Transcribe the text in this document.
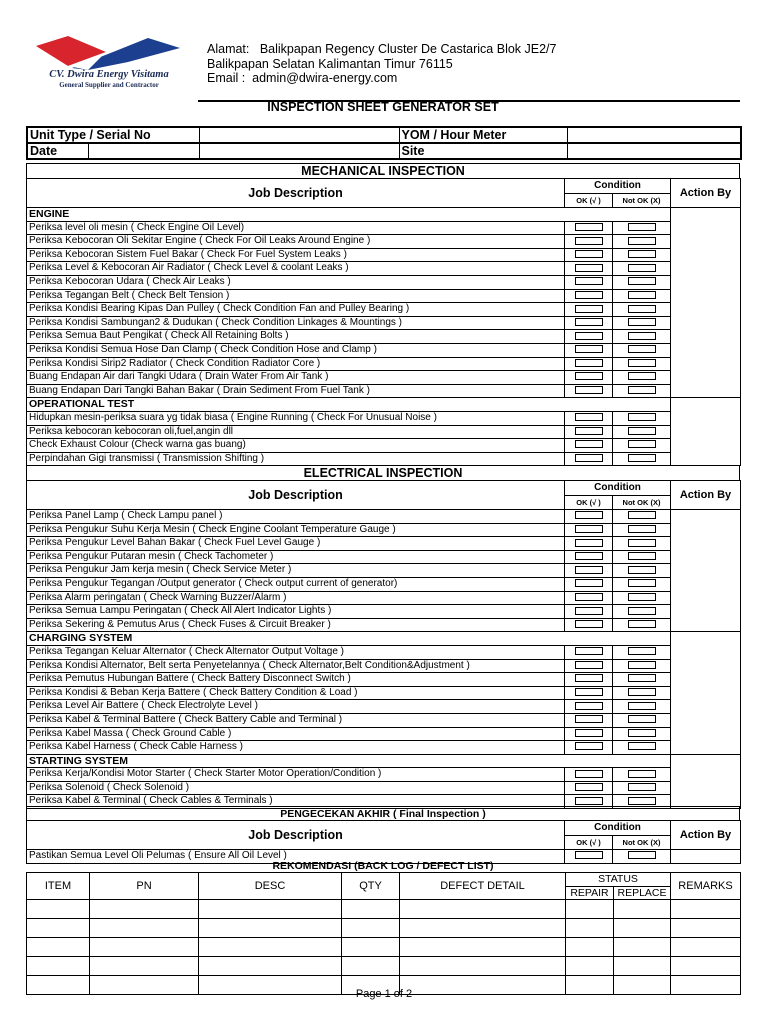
CV. Dwira Energy Visitama
General Supplier and Contractor
Alamat: Balikpapan Regency Cluster De Castarica Blok JE2/7
Balikpapan Selatan Kalimantan Timur 76115
Email : admin@dwira-energy.com
INSPECTION SHEET GENERATOR SET
Unit Type / Serial No		YOM / Hour Meter	

Date		Site	
MECHANICAL INSPECTION
Job Description	Condition		Action By
	OK (√ )	Not OK (X)	
ENGINE			
Periksa level oli mesin ( Check Engine Oil Level)			
Periksa Kebocoran Oli Sekitar Engine ( Check For Oil Leaks Around Engine )			
Periksa Kebocoran Sistem Fuel Bakar ( Check For Fuel System Leaks )			
Periksa Level & Kebocoran Air Radiator ( Check Level & coolant Leaks )			
Periksa Kebocoran Udara ( Check Air Leaks )			
Periksa Tegangan Belt ( Check Belt Tension )			
Periksa Kondisi Bearing Kipas Dan Pulley ( Check Condition Fan and Pulley Bearing )			
Periksa Kondisi Sambungan2 & Dudukan ( Check Condition Linkages & Mountings )			
Periksa Semua Baut Pengikat ( Check All Retaining Bolts )			
Periksa Kondisi Semua Hose Dan Clamp ( Check Condition Hose and Clamp )			
Periksa Kondisi Sirip2 Radiator ( Check Condition Radiator Core )			
Buang Endapan Air dari Tangki Udara ( Drain Water From Air Tank )			
Buang Endapan Dari Tangki Bahan Bakar ( Drain Sediment From Fuel Tank )			
OPERATIONAL TEST			
Hidupkan mesin-periksa suara yg tidak biasa ( Engine Running ( Check For Unusual Noise )			
Periksa kebocoran kebocoran oli,fuel,angin dll			
Check Exhaust Colour (Check warna gas buang)			
Perpindahan Gigi transmissi ( Transmission Shifting )			
ELECTRICAL INSPECTION
Job Description	Condition		Action By
	OK (√ )	Not OK (X)	
Periksa Panel Lamp ( Check Lampu panel )			
Periksa Pengukur Suhu Kerja Mesin ( Check Engine Coolant Temperature Gauge )			
Periksa Pengukur Level Bahan Bakar ( Check Fuel Level Gauge )			
Periksa Pengukur Putaran mesin ( Check Tachometer )			
Periksa Pengukur Jam kerja mesin ( Check Service Meter )			
Periksa Pengukur Tegangan /Output generator ( Check output current of generator)			
Periksa Alarm peringatan ( Check Warning Buzzer/Alarm )			
Periksa Semua Lampu Peringatan ( Check All Alert Indicator Lights )			
Periksa Sekering & Pemutus Arus ( Check Fuses & Circuit Breaker )			
CHARGING SYSTEM			
Periksa Tegangan Keluar Alternator ( Check Alternator Output Voltage )			
Periksa Kondisi Alternator, Belt serta Penyetelannya ( Check Alternator,Belt Condition&Adjustment )			
Periksa Pemutus Hubungan Battere ( Check Battery Disconnect Switch )			
Periksa Kondisi & Beban Kerja Battere ( Check Battery Condition & Load )			
Periksa Level Air Battere ( Check Electrolyte Level )			
Periksa Kabel & Terminal Battere ( Check Battery Cable and Terminal )			
Periksa Kabel Massa ( Check Ground Cable )			
Periksa Kabel Harness ( Check Cable Harness )			
STARTING SYSTEM			
Periksa Kerja/Kondisi Motor Starter ( Check Starter Motor Operation/Condition )			
Periksa Solenoid ( Check Solenoid )			
Periksa Kabel & Terminal ( Check Cables & Terminals )			
PENGECEKAN AKHIR ( Final Inspection )
Job Description	Condition		Action By
	OK (√ )	Not OK (X)	
Pastikan Semua Level Oli Pelumas ( Ensure All Oil Level )			
REKOMENDASI (BACK LOG / DEFECT LIST)
ITEM	PN	DESC	QTY	DEFECT DETAIL	STATUS		REMARKS
					REPAIR	REPLACE	

Page 1 of 2
